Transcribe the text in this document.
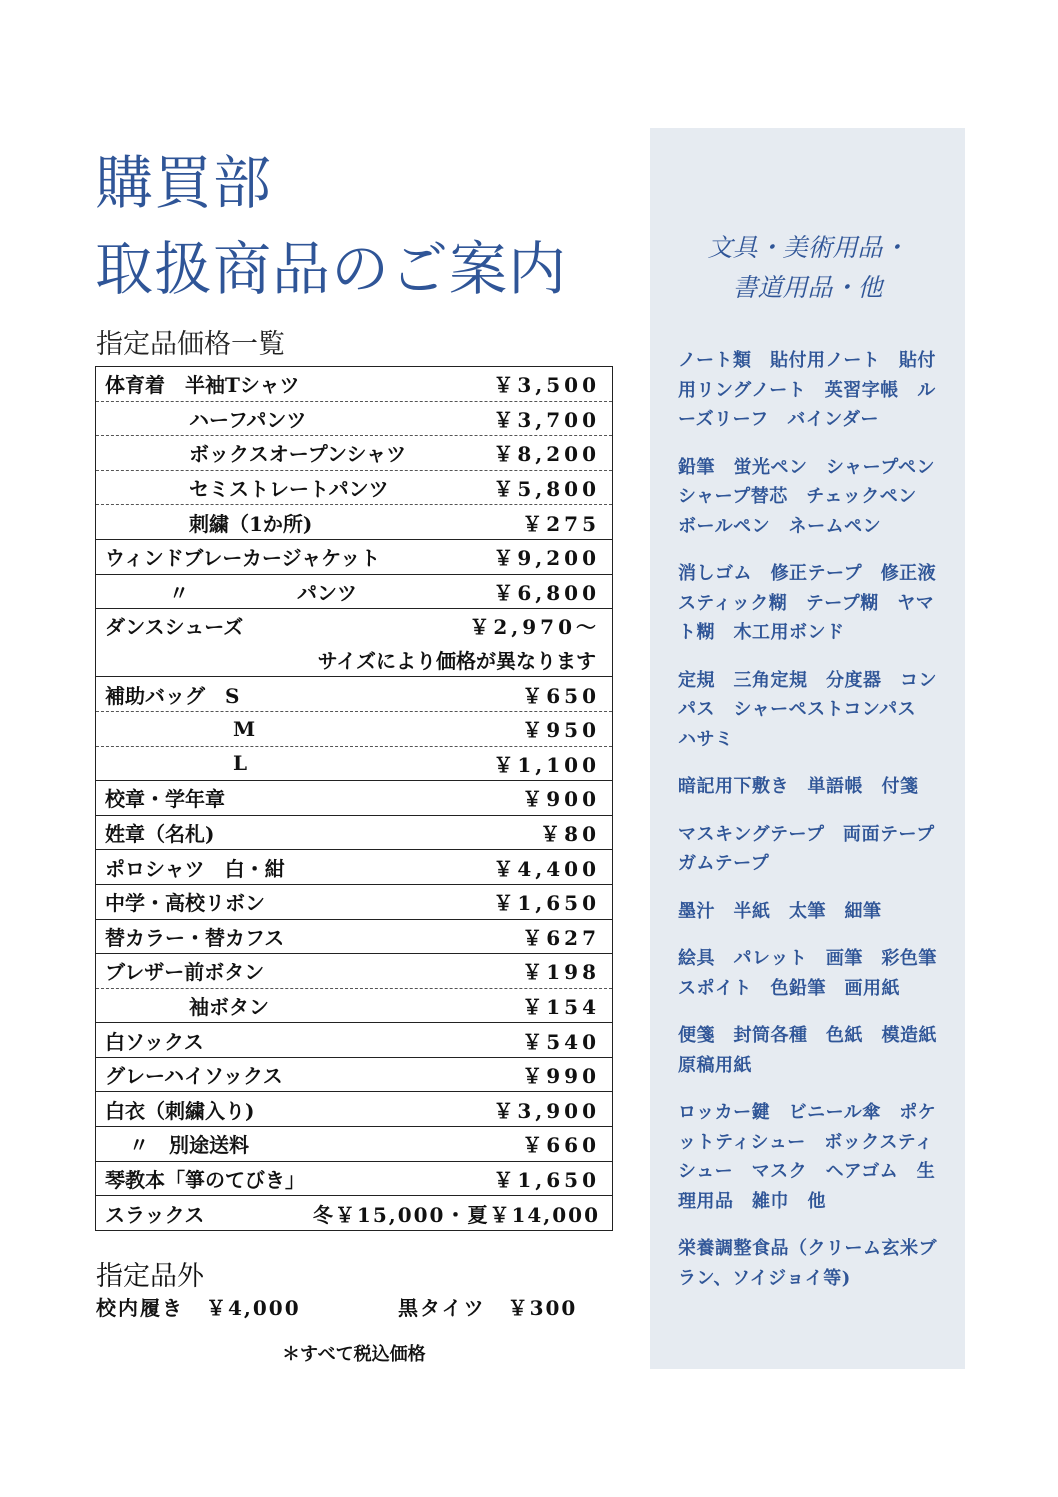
購買部
取扱商品のご案内
指定品価格一覧
体育着　半袖Tシャツ	￥3,500

ハーフパンツ	￥3,700

ボックスオープンシャツ	￥8,200

セミストレートパンツ	￥5,800

刺繍（1か所)	￥275

ウィンドブレーカージャケット	￥9,200

〃	パンツ	￥6,800

ダンスシューズ	￥2,970～

サイズにより価格が異なります

補助バッグ　S	￥650

M	￥950

L	￥1,100

校章・学年章	￥900

姓章（名札)	￥80

ポロシャツ　白・紺	￥4,400

中学・高校リボン	￥1,650

替カラー・替カフス	￥627

ブレザー前ボタン	￥198

袖ボタン	￥154

白ソックス	￥540

グレーハイソックス	￥990

白衣（刺繍入り)	￥3,900

〃　別途送料	￥660

琴教本「箏のてびき」	￥1,650

スラックス	冬￥15,000・夏￥14,000
指定品外
校内履き　￥4,000	黒タイツ　￥300
＊すべて税込価格
文具・美術用品・
書道用品・他

ノート類　貼付用ノート　貼付用リングノート　英習字帳　ルーズリーフ　バインダー

鉛筆　蛍光ペン　シャープペン　シャープ替芯　チェックペン　ボールペン　ネームペン

消しゴム　修正テープ　修正液　スティック糊　テープ糊　ヤマト糊　木工用ボンド

定規　三角定規　分度器　コンパス　シャーペストコンパス　ハサミ

暗記用下敷き　単語帳　付箋

マスキングテープ　両面テープ　ガムテープ

墨汁　半紙　太筆　細筆

絵具　パレット　画筆　彩色筆　スポイト　色鉛筆　画用紙

便箋　封筒各種　色紙　模造紙　原稿用紙

ロッカー鍵　ビニール傘　ポケットティシュー　ボックスティシュー　マスク　ヘアゴム　生理用品　雑巾　他

栄養調整食品（クリーム玄米ブラン、ソイジョイ等)
